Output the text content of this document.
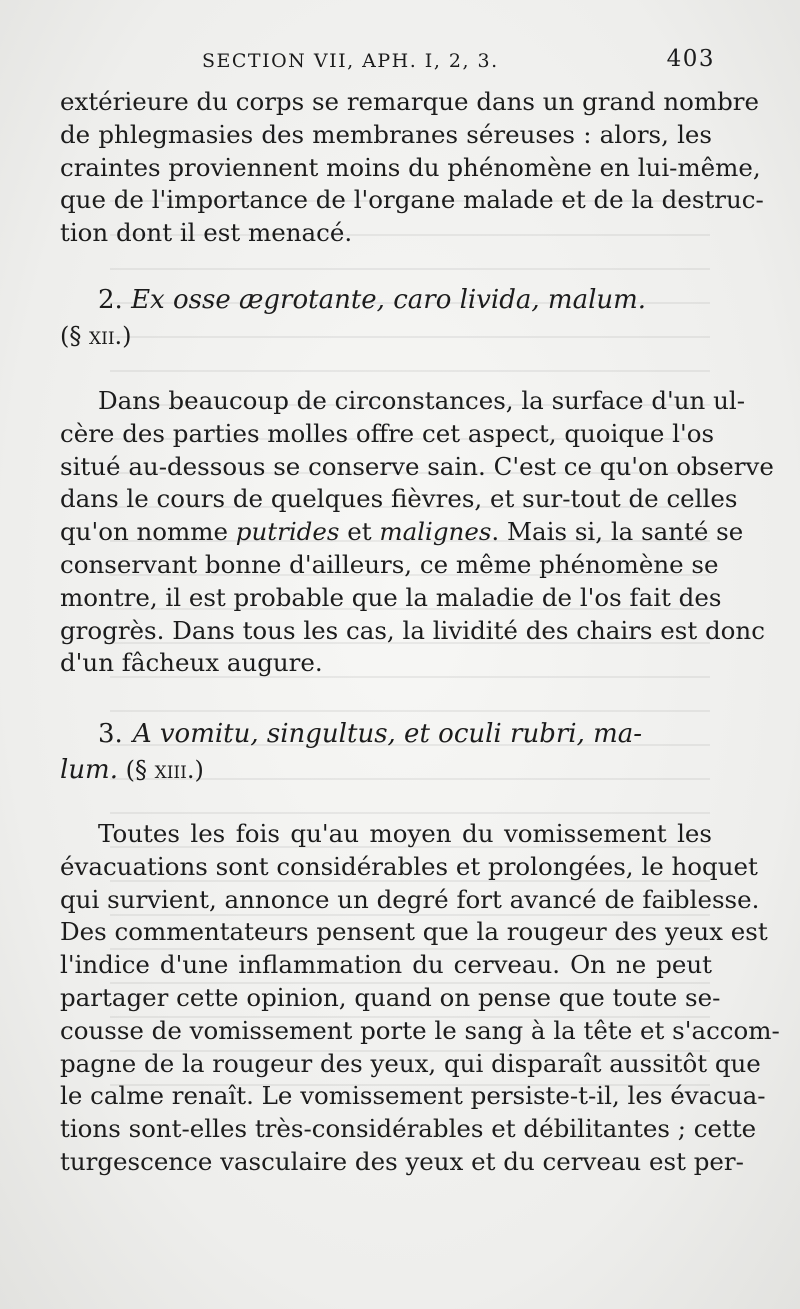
SECTION VII, APH. I, 2, 3.	403
extérieure du corps se remarque dans un grand nombre
de phlegmasies des membranes séreuses : alors, les
craintes proviennent moins du phénomène en lui-même,
que de l'importance de l'organe malade et de la destruc-
tion dont il est menacé.
2. Ex osse ægrotante, caro livida, malum.
(§ xii.)
Dans beaucoup de circonstances, la surface d'un ul-
cère des parties molles offre cet aspect, quoique l'os
situé au-dessous se conserve sain. C'est ce qu'on observe
dans le cours de quelques fièvres, et sur-tout de celles
qu'on nomme putrides et malignes. Mais si, la santé se
conservant bonne d'ailleurs, ce même phénomène se
montre, il est probable que la maladie de l'os fait des
grogrès. Dans tous les cas, la lividité des chairs est donc
d'un fâcheux augure.
3. A vomitu, singultus, et oculi rubri, ma-
lum. (§ xiii.)
Toutes les fois qu'au moyen du vomissement les
évacuations sont considérables et prolongées, le hoquet
qui survient, annonce un degré fort avancé de faiblesse.
Des commentateurs pensent que la rougeur des yeux est
l'indice d'une inflammation du cerveau. On ne peut
partager cette opinion, quand on pense que toute se-
cousse de vomissement porte le sang à la tête et s'accom-
pagne de la rougeur des yeux, qui disparaît aussitôt que
le calme renaît. Le vomissement persiste-t-il, les évacua-
tions sont-elles très-considérables et débilitantes ; cette
turgescence vasculaire des yeux et du cerveau est per-
